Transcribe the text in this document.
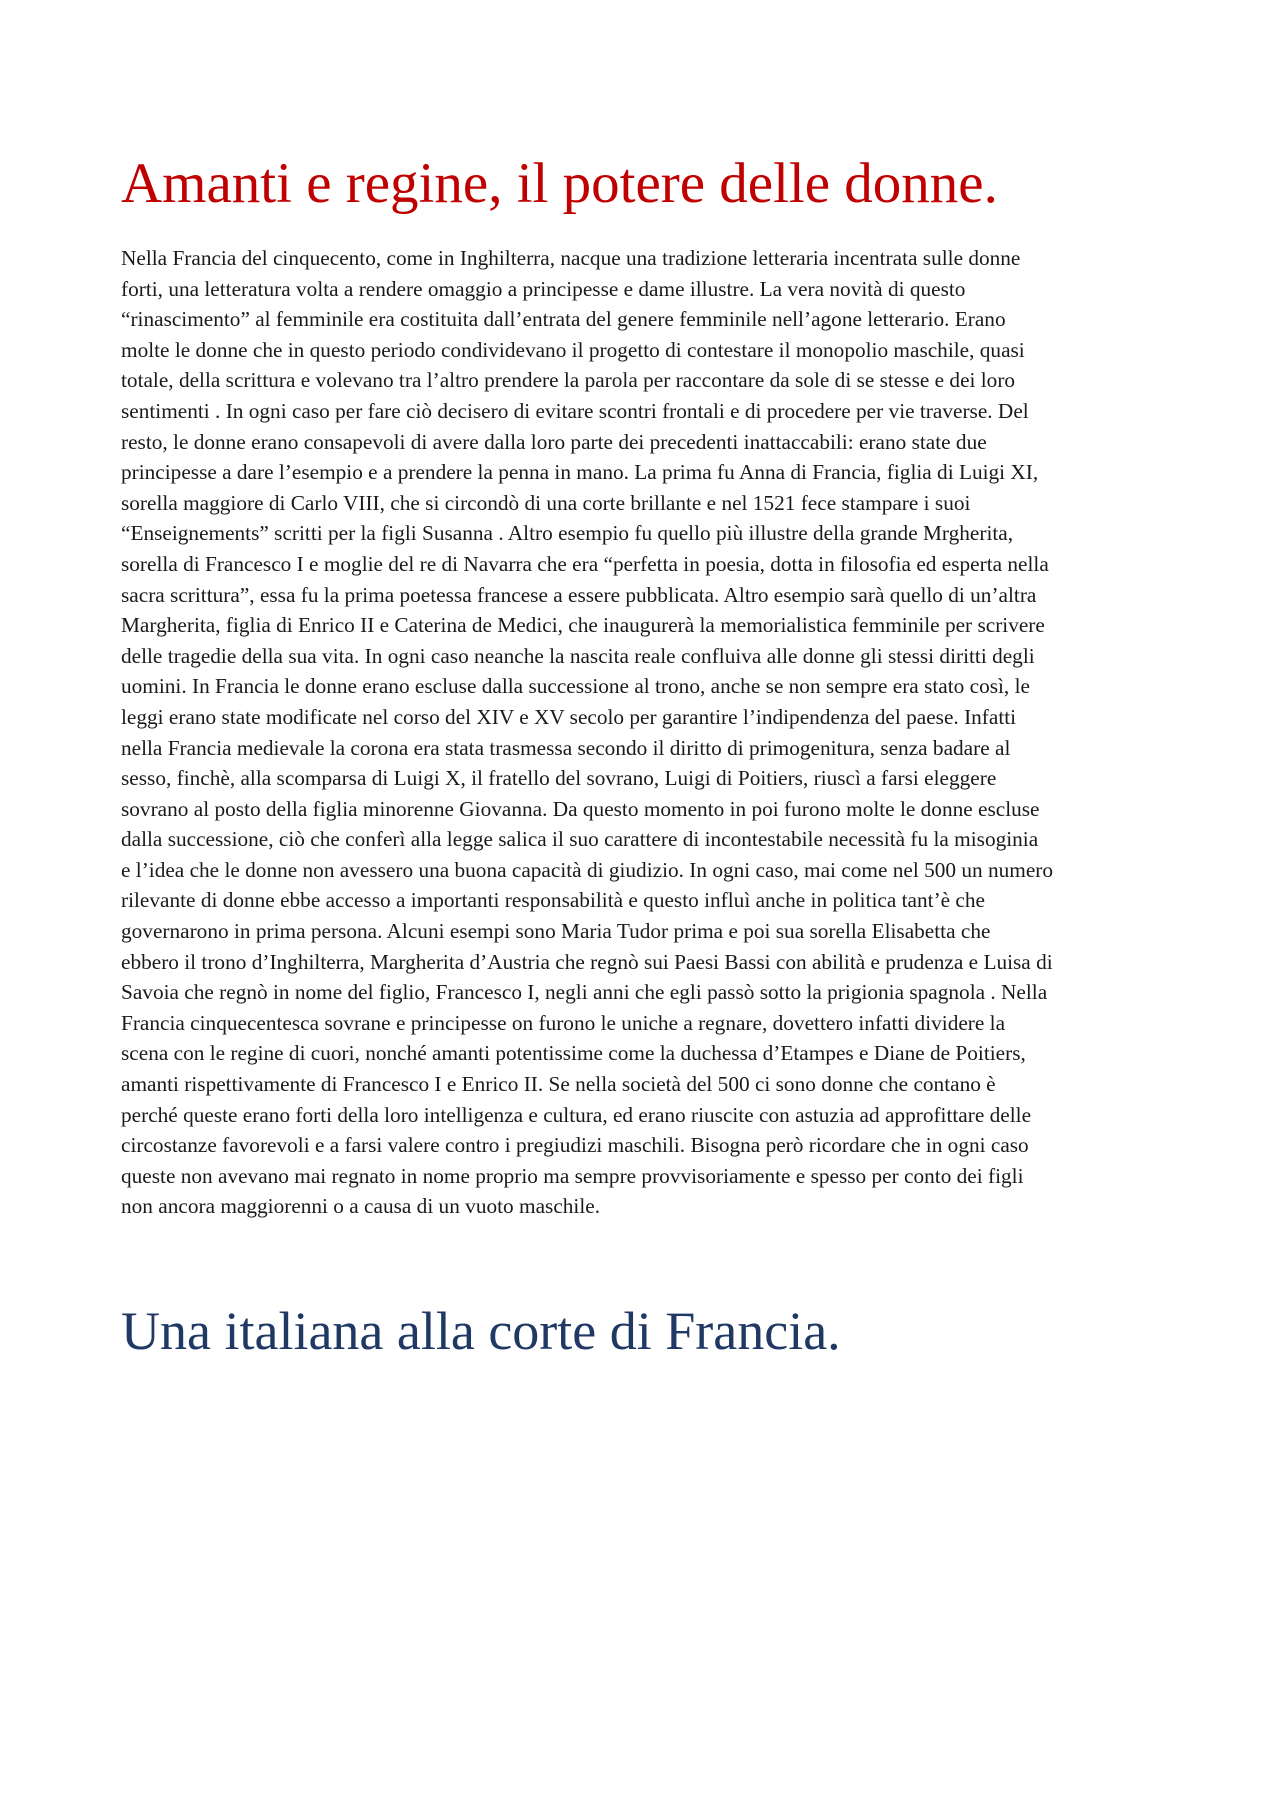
Amanti e regine, il potere delle donne.

Nella Francia del cinquecento, come in Inghilterra, nacque una tradizione letteraria incentrata sulle donne
forti, una letteratura volta a rendere omaggio a principesse e dame illustre. La vera novità di questo
“rinascimento” al femminile era costituita dall’entrata del genere femminile nell’agone letterario. Erano
molte le donne che in questo periodo condividevano il progetto di contestare il monopolio maschile, quasi
totale, della scrittura e volevano tra l’altro prendere la parola per raccontare da sole di se stesse e dei loro
sentimenti . In ogni caso per fare ciò decisero di evitare scontri frontali e di procedere per vie traverse. Del
resto, le donne erano consapevoli di avere dalla loro parte dei precedenti inattaccabili: erano state due
principesse a dare l’esempio e a prendere la penna in mano. La prima fu Anna di Francia, figlia di Luigi XI,
sorella maggiore di Carlo VIII, che si circondò di una corte brillante e nel 1521 fece stampare i suoi
“Enseignements” scritti per la figli Susanna . Altro esempio fu quello più illustre della grande Mrgherita,
sorella di Francesco I e moglie del re di Navarra che era “perfetta in poesia, dotta in filosofia ed esperta nella
sacra scrittura”, essa fu la prima poetessa francese a essere pubblicata. Altro esempio sarà quello di un’altra
Margherita, figlia di Enrico II e Caterina de Medici, che inaugurerà la memorialistica femminile per scrivere
delle tragedie della sua vita. In ogni caso neanche la nascita reale confluiva alle donne gli stessi diritti degli
uomini. In Francia le donne erano escluse dalla successione al trono, anche se non sempre era stato così, le
leggi erano state modificate nel corso del XIV e XV secolo per garantire l’indipendenza del paese. Infatti
nella Francia medievale la corona era stata trasmessa secondo il diritto di primogenitura, senza badare al
sesso, finchè, alla scomparsa di Luigi X, il fratello del sovrano, Luigi di Poitiers, riuscì a farsi eleggere
sovrano al posto della figlia minorenne Giovanna. Da questo momento in poi furono molte le donne escluse
dalla successione, ciò che conferì alla legge salica il suo carattere di incontestabile necessità fu la misoginia
e l’idea che le donne non avessero una buona capacità di giudizio. In ogni caso, mai come nel 500 un numero
rilevante di donne ebbe accesso a importanti responsabilità e questo influì anche in politica tant’è che
governarono in prima persona. Alcuni esempi sono Maria Tudor prima e poi sua sorella Elisabetta che
ebbero il trono d’Inghilterra, Margherita d’Austria che regnò sui Paesi Bassi con abilità e prudenza e Luisa di
Savoia che regnò in nome del figlio, Francesco I, negli anni che egli passò sotto la prigionia spagnola . Nella
Francia cinquecentesca sovrane e principesse on furono le uniche a regnare, dovettero infatti dividere la
scena con le regine di cuori, nonché amanti potentissime come la duchessa d’Etampes e Diane de Poitiers,
amanti rispettivamente di Francesco I e Enrico II. Se nella società del 500 ci sono donne che contano è
perché queste erano forti della loro intelligenza e cultura, ed erano riuscite con astuzia ad approfittare delle
circostanze favorevoli e a farsi valere contro i pregiudizi maschili. Bisogna però ricordare che in ogni caso
queste non avevano mai regnato in nome proprio ma sempre provvisoriamente e spesso per conto dei figli
non ancora maggiorenni o a causa di un vuoto maschile.

Una italiana alla corte di Francia.
